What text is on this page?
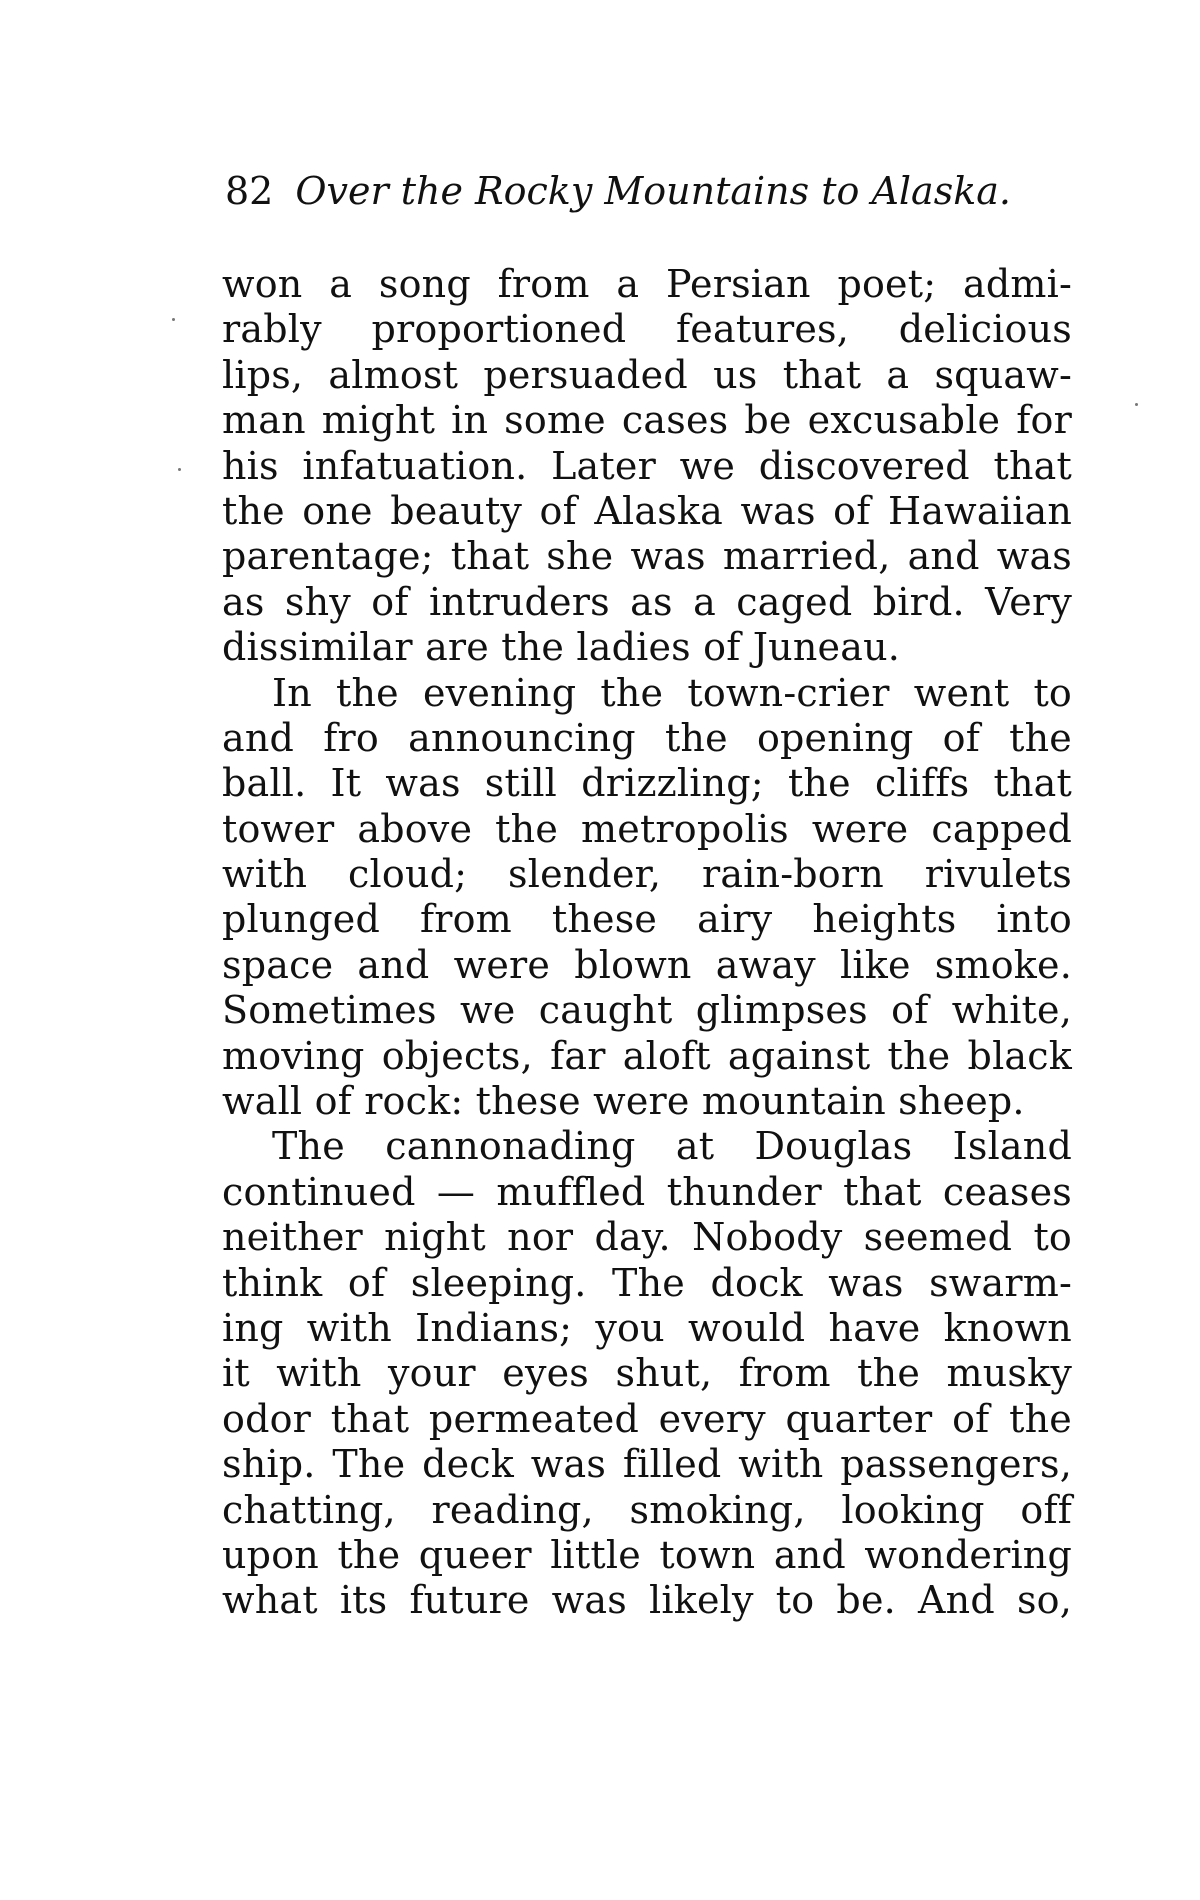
82 Over the Rocky Mountains to Alaska.
won a song from a Persian poet; admi-
rably proportioned features, delicious
lips, almost persuaded us that a squaw-
man might in some cases be excusable for
his infatuation. Later we discovered that
the one beauty of Alaska was of Hawaiian
parentage; that she was married, and was
as shy of intruders as a caged bird. Very
dissimilar are the ladies of Juneau.
In the evening the town-crier went to
and fro announcing the opening of the
ball. It was still drizzling; the cliffs that
tower above the metropolis were capped
with cloud; slender, rain-born rivulets
plunged from these airy heights into
space and were blown away like smoke.
Sometimes we caught glimpses of white,
moving objects, far aloft against the black
wall of rock: these were mountain sheep.
The cannonading at Douglas Island
continued — muffled thunder that ceases
neither night nor day. Nobody seemed to
think of sleeping. The dock was swarm-
ing with Indians; you would have known
it with your eyes shut, from the musky
odor that permeated every quarter of the
ship. The deck was filled with passengers,
chatting, reading, smoking, looking off
upon the queer little town and wondering
what its future was likely to be. And so,
